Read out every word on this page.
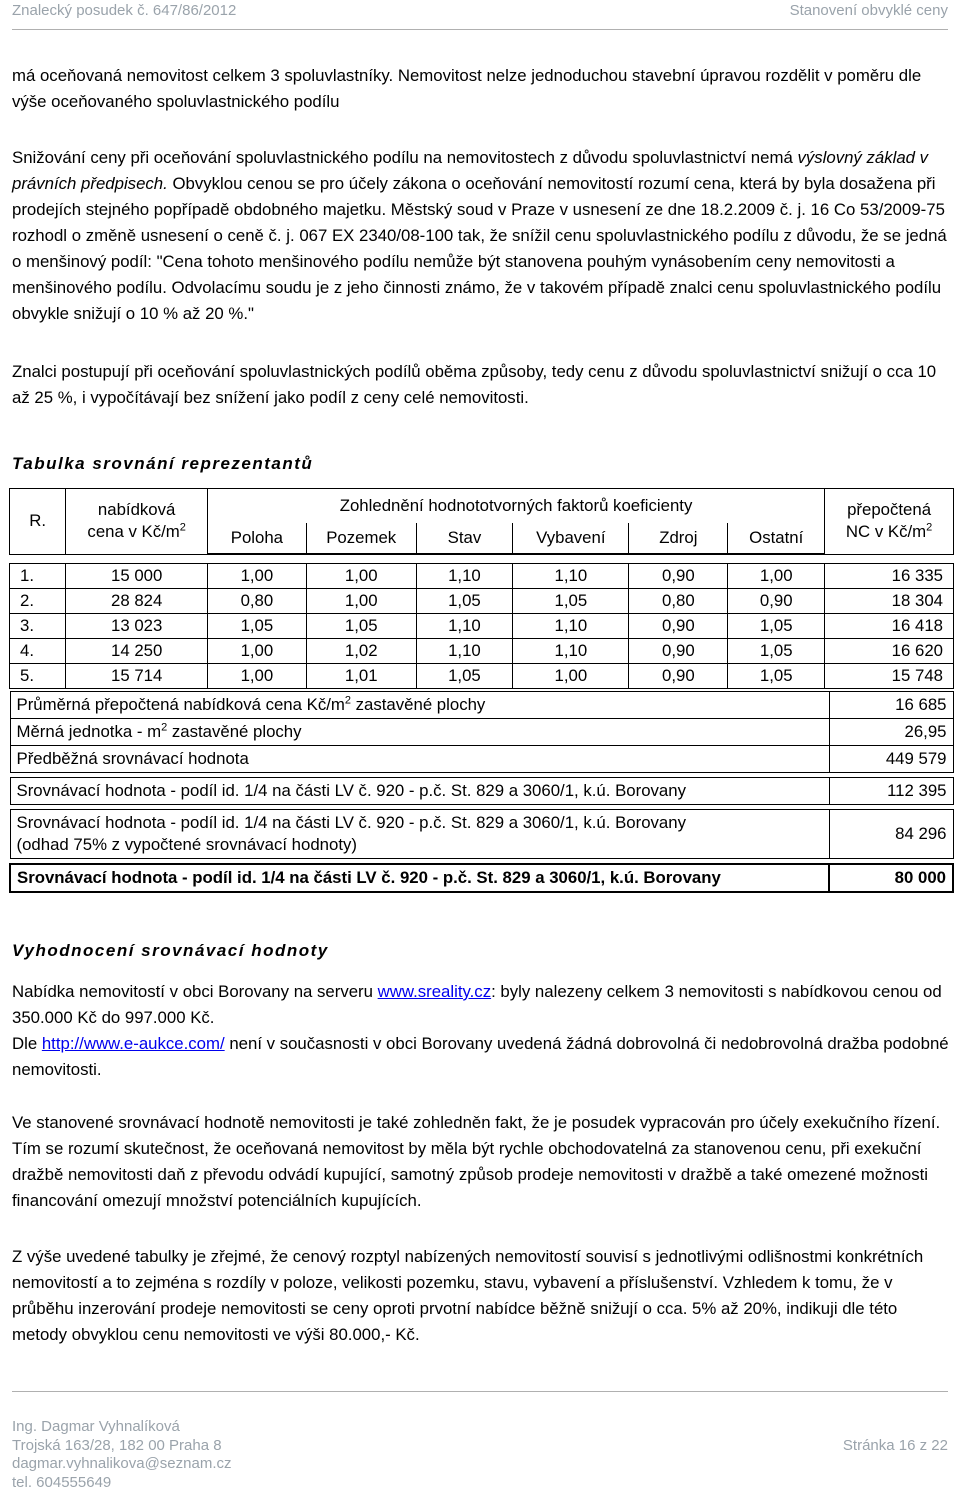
Znalecký posudek č. 647/86/2012	Stanovení obvyklé ceny

má oceňovaná nemovitost celkem 3 spoluvlastníky. Nemovitost nelze jednoduchou stavební úpravou rozdělit v poměru dle výše oceňovaného spoluvlastnického podílu

Snižování ceny při oceňování spoluvlastnického podílu na nemovitostech z důvodu spoluvlastnictví nemá výslovný základ v právních předpisech. Obvyklou cenou se pro účely zákona o oceňování nemovitostí rozumí cena, která by byla dosažena při prodejích stejného popřípadě obdobného majetku. Městský soud v Praze v usnesení ze dne 18.2.2009 č. j. 16 Co 53/2009-75 rozhodl o změně usnesení o ceně č. j. 067 EX 2340/08-100 tak, že snížil cenu spoluvlastnického podílu z důvodu, že se jedná o menšinový podíl: "Cena tohoto menšinového podílu nemůže být stanovena pouhým vynásobením ceny nemovitosti a menšinového podílu. Odvolacímu soudu je z jeho činnosti známo, že v takovém případě znalci cenu spoluvlastnického podílu obvykle snižují o 10 % až 20 %."

Znalci postupují při oceňování spoluvlastnických podílů oběma způsoby, tedy cenu z důvodu spoluvlastnictví snižují o cca 10 až 25 %, i vypočítávají bez snížení jako podíl z ceny celé nemovitosti.

Tabulka srovnání reprezentantů

R.	nabídková
cena v $Kč/m^2$	Zohlednění hodnototvorných faktorů koeficienty						přepočtená
NC v $Kč/m^2$
		Poloha	Pozemek	Stav	Vybavení	Zdroj	Ostatní	

1.	15 000	1,00	1,00	1,10	1,10	0,90	1,00	16 335
2.	28 824	0,80	1,00	1,05	1,05	0,80	0,90	18 304
3.	13 023	1,05	1,05	1,10	1,10	0,90	1,05	16 418
4.	14 250	1,00	1,02	1,10	1,10	0,90	1,05	16 620
5.	15 714	1,00	1,01	1,05	1,00	0,90	1,05	15 748
Průměrná přepočtená nabídková cena $Kč/m^2$ zastavěné plochy	16 685
Měrná jednotka - $m^2$ zastavěné plochy	26,95
Předběžná srovnávací hodnota	449 579

Srovnávací hodnota - podíl id. 1/4 na části LV č. 920 - p.č. St. 829 a 3060/1, k.ú. Borovany	112 395

Srovnávací hodnota - podíl id. 1/4 na části LV č. 920 - p.č. St. 829 a 3060/1, k.ú. Borovany
(odhad 75% z vypočtené srovnávací hodnoty)	84 296

Srovnávací hodnota - podíl id. 1/4 na části LV č. 920 - p.č. St. 829 a 3060/1, k.ú. Borovany	80 000

Vyhodnocení srovnávací hodnoty

Nabídka nemovitostí v obci Borovany na serveru www.sreality.cz: byly nalezeny celkem 3 nemovitosti s nabídkovou cenou od 350.000 Kč do 997.000 Kč.

Dle http://www.e-aukce.com/ není v současnosti v obci Borovany uvedená žádná dobrovolná či nedobrovolná dražba podobné nemovitosti.

Ve stanovené srovnávací hodnotě nemovitosti je také zohledněn fakt, že je posudek vypracován pro účely exekučního řízení. Tím se rozumí skutečnost, že oceňovaná nemovitost by měla být rychle obchodovatelná za stanovenou cenu, při exekuční dražbě nemovitosti daň z převodu odvádí kupující, samotný způsob prodeje nemovitosti v dražbě a také omezené možnosti financování omezují množství potenciálních kupujících.

Z výše uvedené tabulky je zřejmé, že cenový rozptyl nabízených nemovitostí souvisí s jednotlivými odlišnostmi konkrétních nemovitostí a to zejména s rozdíly v poloze, velikosti pozemku, stavu, vybavení a příslušenství. Vzhledem k tomu, že v průběhu inzerování prodeje nemovitosti se ceny oproti prvotní nabídce běžně snižují o cca. 5% až 20%, indikuji dle této metody obvyklou cenu nemovitosti ve výši 80.000,- Kč.

Ing. Dagmar Vyhnalíková
Trojská 163/28, 182 00 Praha 8
dagmar.vyhnalikova@seznam.cz
tel. 604555649
Stránka 16 z 22
